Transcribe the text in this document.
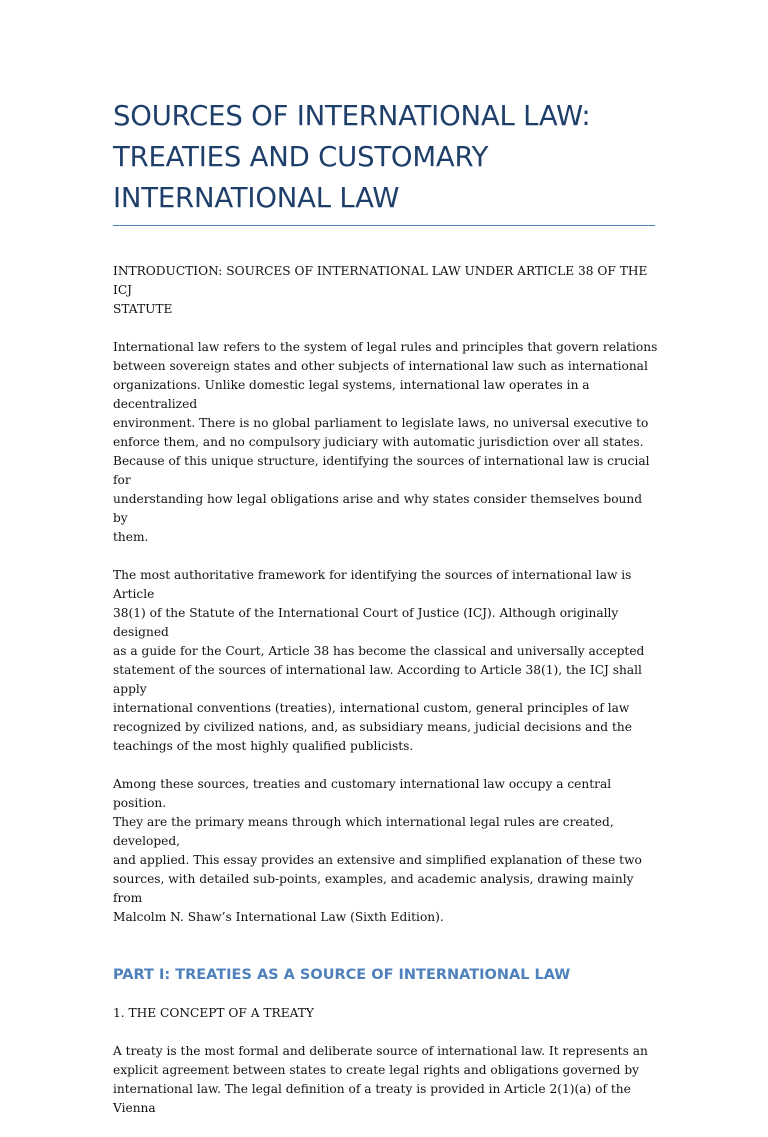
SOURCES OF INTERNATIONAL LAW:
TREATIES AND CUSTOMARY
INTERNATIONAL LAW
INTRODUCTION: SOURCES OF INTERNATIONAL LAW UNDER ARTICLE 38 OF THE ICJ
STATUTE

International law refers to the system of legal rules and principles that govern relations
between sovereign states and other subjects of international law such as international
organizations. Unlike domestic legal systems, international law operates in a decentralized
environment. There is no global parliament to legislate laws, no universal executive to
enforce them, and no compulsory judiciary with automatic jurisdiction over all states.
Because of this unique structure, identifying the sources of international law is crucial for
understanding how legal obligations arise and why states consider themselves bound by
them.

The most authoritative framework for identifying the sources of international law is Article
38(1) of the Statute of the International Court of Justice (ICJ). Although originally designed
as a guide for the Court, Article 38 has become the classical and universally accepted
statement of the sources of international law. According to Article 38(1), the ICJ shall apply
international conventions (treaties), international custom, general principles of law
recognized by civilized nations, and, as subsidiary means, judicial decisions and the
teachings of the most highly qualified publicists.

Among these sources, treaties and customary international law occupy a central position.
They are the primary means through which international legal rules are created, developed,
and applied. This essay provides an extensive and simplified explanation of these two
sources, with detailed sub-points, examples, and academic analysis, drawing mainly from
Malcolm N. Shaw’s International Law (Sixth Edition).

PART I: TREATIES AS A SOURCE OF INTERNATIONAL LAW
1. THE CONCEPT OF A TREATY

A treaty is the most formal and deliberate source of international law. It represents an
explicit agreement between states to create legal rights and obligations governed by
international law. The legal definition of a treaty is provided in Article 2(1)(a) of the Vienna
